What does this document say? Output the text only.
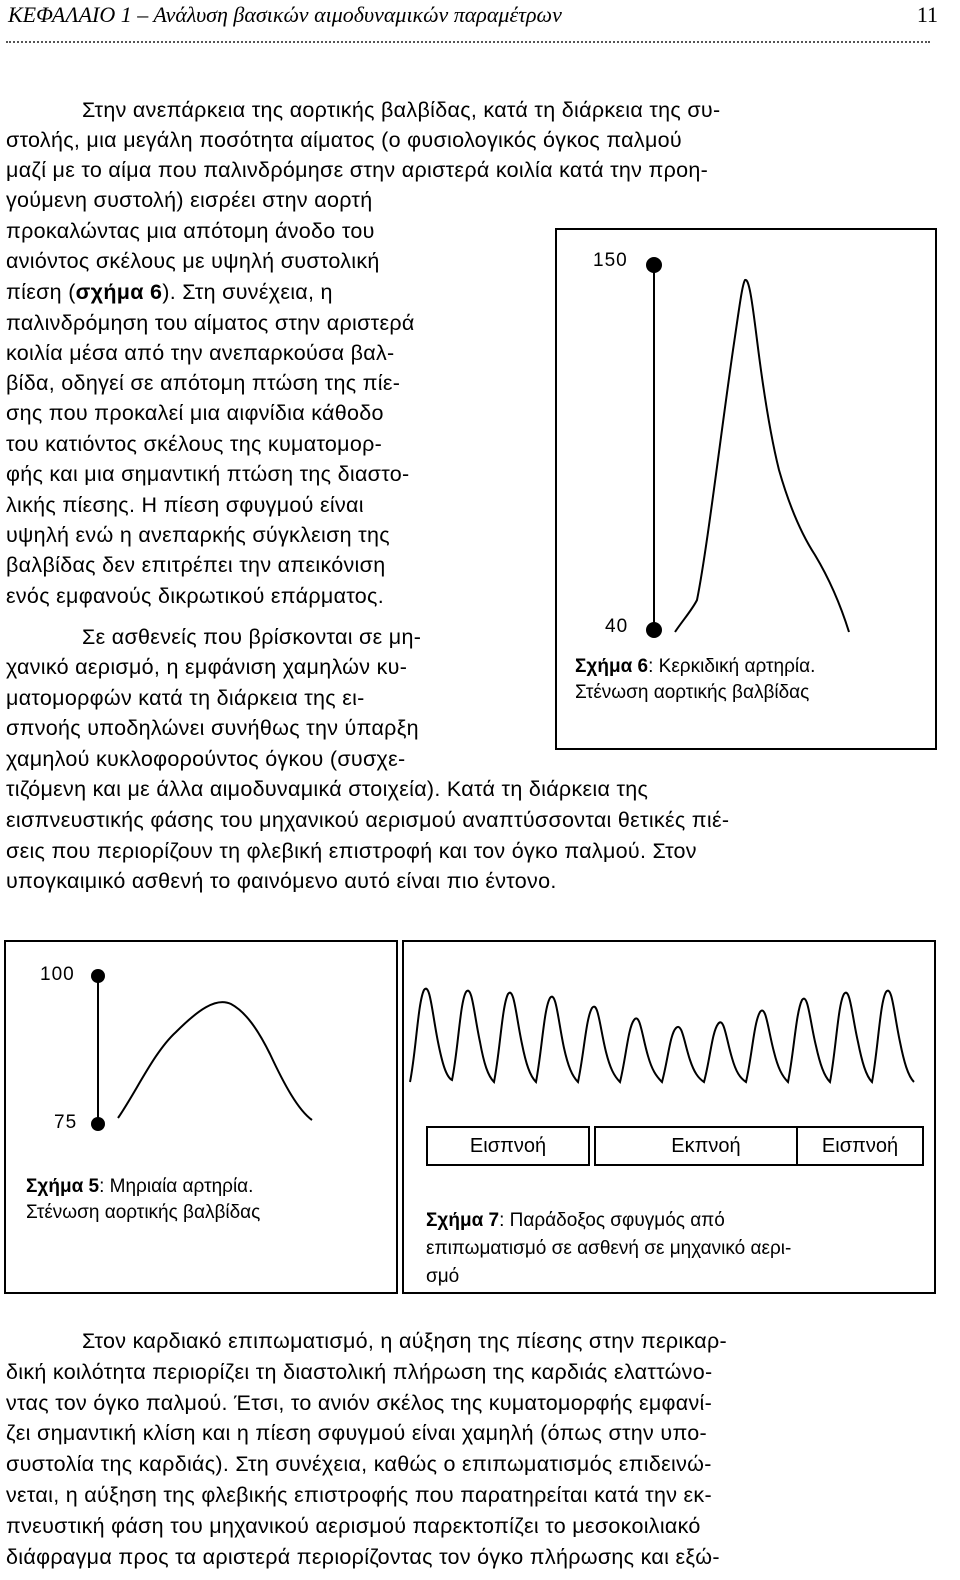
ΚΕΦΑΛΑΙΟ 1 – Ανάλυση βασικών αιμοδυναμικών παραμέτρων	11
Στην ανεπάρκεια της αορτικής βαλβίδας, κατά τη διάρκεια της συ-
στολής, μια μεγάλη ποσότητα αίματος (ο φυσιολογικός όγκος παλμού
μαζί με το αίμα που παλινδρόμησε στην αριστερά κοιλία κατά την προη-
γούμενη συστολή) εισρέει στην αορτή
προκαλώντας μια απότομη άνοδο του
ανιόντος σκέλους με υψηλή συστολική
πίεση (σχήμα 6). Στη συνέχεια, η
παλινδρόμηση του αίματος στην αριστερά
κοιλία μέσα από την ανεπαρκούσα βαλ-
βίδα, οδηγεί σε απότομη πτώση της πίε-
σης που προκαλεί μια αιφνίδια κάθοδο
του κατιόντος σκέλους της κυματομορ-
φής και μια σημαντική πτώση της διαστο-
λικής πίεσης. Η πίεση σφυγμού είναι
υψηλή ενώ η ανεπαρκής σύγκλειση της
βαλβίδας δεν επιτρέπει την απεικόνιση
ενός εμφανούς δικρωτικού επάρματος.
Σε ασθενείς που βρίσκονται σε μη-
χανικό αερισμό, η εμφάνιση χαμηλών κυ-
ματομορφών κατά τη διάρκεια της ει-
σπνοής υποδηλώνει συνήθως την ύπαρξη
χαμηλού κυκλοφορούντος όγκου (συσχε-
τιζόμενη και με άλλα αιμοδυναμικά στοιχεία). Κατά τη διάρκεια της
εισπνευστικής φάσης του μηχανικού αερισμού αναπτύσσονται θετικές πιέ-
σεις που περιορίζουν τη φλεβική επιστροφή και τον όγκο παλμού. Στον
υπογκαιμικό ασθενή το φαινόμενο αυτό είναι πιο έντονο.
150
40
Σχήμα 6: Κερκιδική αρτηρία.
Στένωση αορτικής βαλβίδας
100
75
Σχήμα 5: Μηριαία αρτηρία.
Στένωση αορτικής βαλβίδας
Εισπνοή	Εκπνοή	Εισπνοή
Σχήμα 7: Παράδοξος σφυγμός από
επιπωματισμό σε ασθενή σε μηχανικό αερι-
σμό
Στον καρδιακό επιπωματισμό, η αύξηση της πίεσης στην περικαρ-
δική κοιλότητα περιορίζει τη διαστολική πλήρωση της καρδιάς ελαττώνο-
ντας τον όγκο παλμού. Έτσι, το ανιόν σκέλος της κυματομορφής εμφανί-
ζει σημαντική κλίση και η πίεση σφυγμού είναι χαμηλή (όπως στην υπο-
συστολία της καρδιάς). Στη συνέχεια, καθώς ο επιπωματισμός επιδεινώ-
νεται, η αύξηση της φλεβικής επιστροφής που παρατηρείται κατά την εκ-
πνευστική φάση του μηχανικού αερισμού παρεκτοπίζει το μεσοκοιλιακό
διάφραγμα προς τα αριστερά περιορίζοντας τον όγκο πλήρωσης και εξώ-
